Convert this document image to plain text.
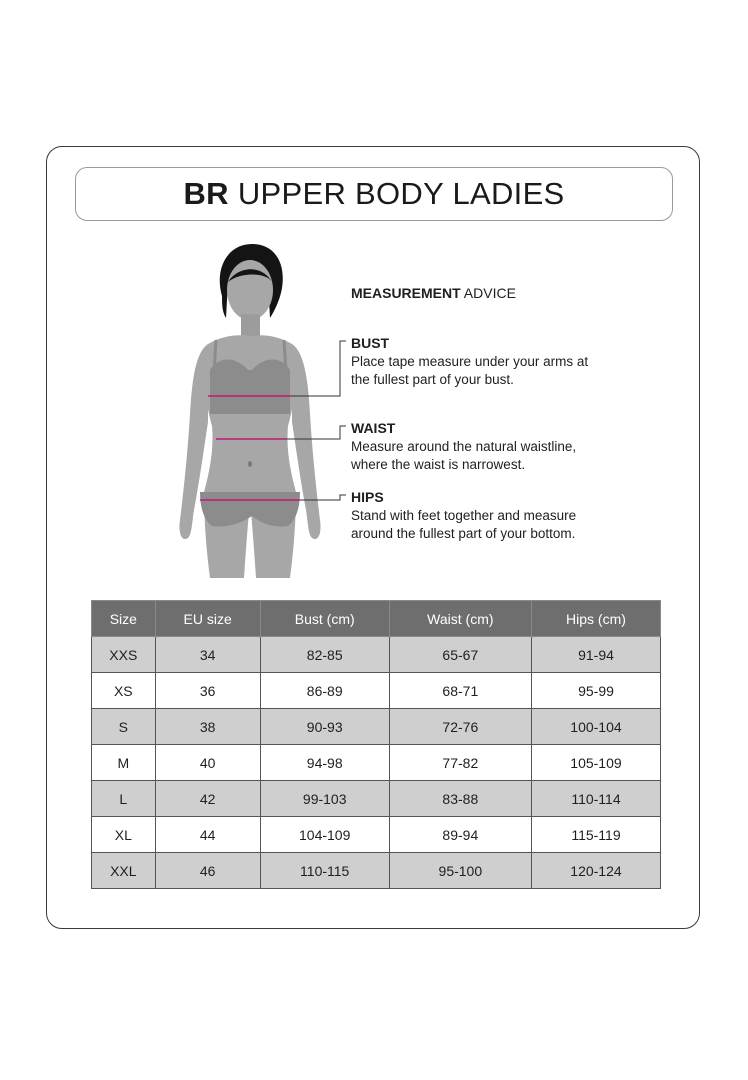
BR UPPER BODY LADIES
MEASUREMENT ADVICE
BUST
Place tape measure under your arms at the fullest part of your bust.
WAIST
Measure around the natural waistline, where the waist is narrowest.
HIPS
Stand with feet together and measure around the fullest part of your bottom.
Size	EU size	Bust (cm)	Waist (cm)	Hips (cm)
XXS	34	82-85	65-67	91-94
XS	36	86-89	68-71	95-99
S	38	90-93	72-76	100-104
M	40	94-98	77-82	105-109
L	42	99-103	83-88	110-114
XL	44	104-109	89-94	115-119
XXL	46	110-115	95-100	120-124
